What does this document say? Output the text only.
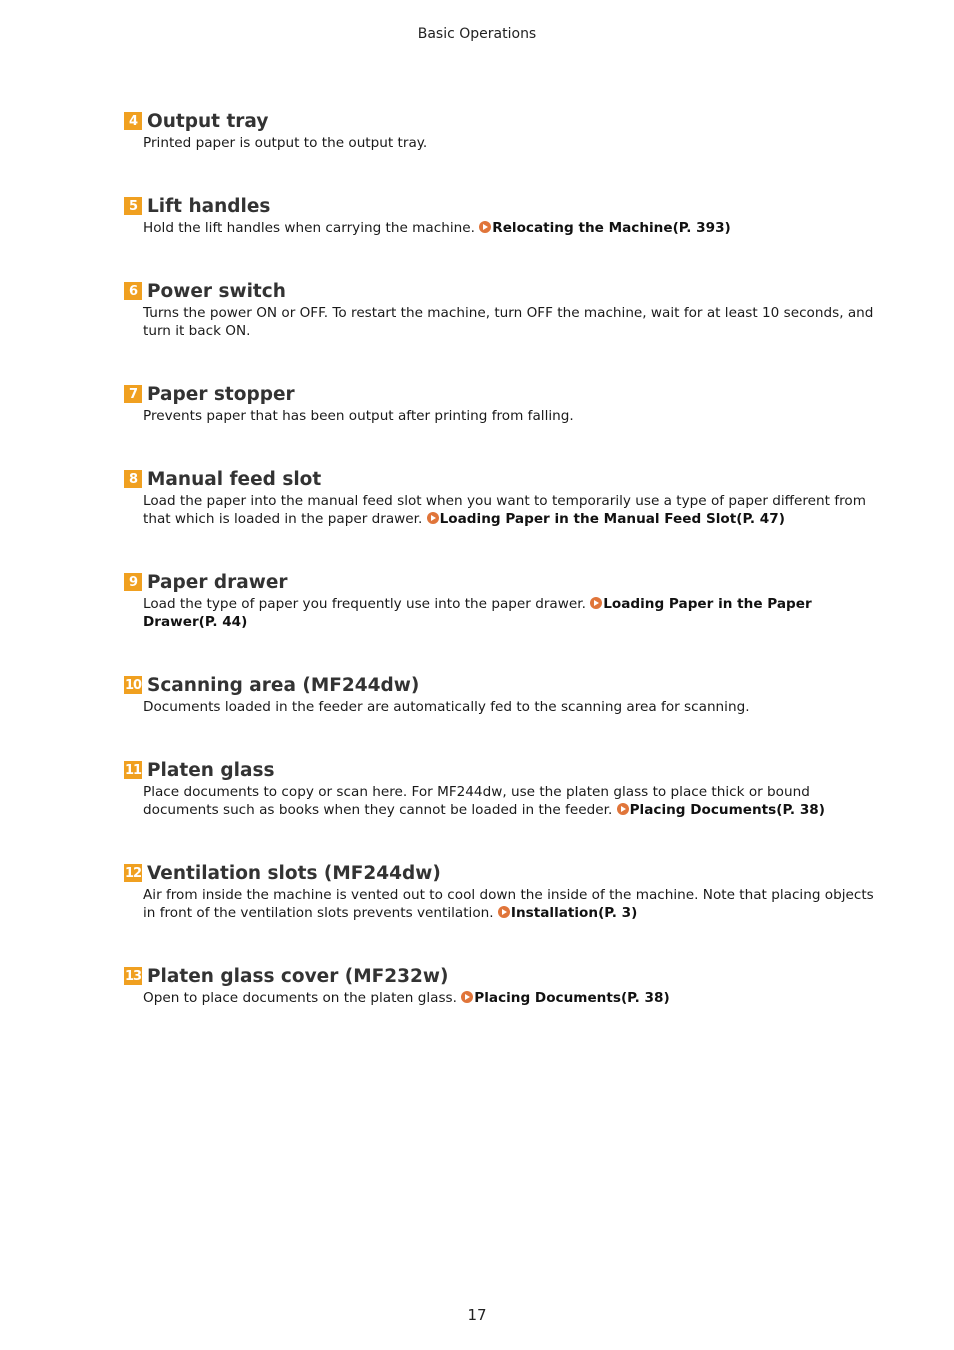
Basic Operations
4 Output tray
Printed paper is output to the output tray.
5 Lift handles
Hold the lift handles when carrying the machine. Relocating the Machine(P. 393)
6 Power switch
Turns the power ON or OFF. To restart the machine, turn OFF the machine, wait for at least 10 seconds, and turn it back ON.
7 Paper stopper
Prevents paper that has been output after printing from falling.
8 Manual feed slot
Load the paper into the manual feed slot when you want to temporarily use a type of paper different from that which is loaded in the paper drawer. Loading Paper in the Manual Feed Slot(P. 47)
9 Paper drawer
Load the type of paper you frequently use into the paper drawer. Loading Paper in the Paper Drawer(P. 44)
10 Scanning area (MF244dw)
Documents loaded in the feeder are automatically fed to the scanning area for scanning.
11 Platen glass
Place documents to copy or scan here. For MF244dw, use the platen glass to place thick or bound documents such as books when they cannot be loaded in the feeder. Placing Documents(P. 38)
12 Ventilation slots (MF244dw)
Air from inside the machine is vented out to cool down the inside of the machine. Note that placing objects in front of the ventilation slots prevents ventilation. Installation(P. 3)
13 Platen glass cover (MF232w)
Open to place documents on the platen glass. Placing Documents(P. 38)
17
